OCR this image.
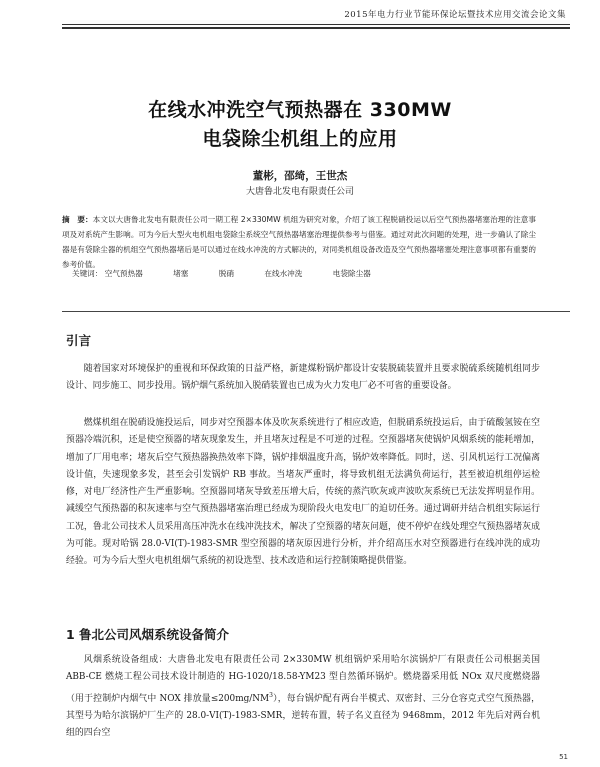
2015年电力行业节能环保论坛暨技术应用交流会论文集
在线水冲洗空气预热器在 330MW
电袋除尘机组上的应用
董彬，邵绮，王世杰
大唐鲁北发电有限责任公司
摘　要：本文以大唐鲁北发电有限责任公司一期工程 2×330MW 机组为研究对象，介绍了该工程脱硝投运以后空气预热器堵塞治理的注意事项及对系统产生影响。可为今后大型火电机组电袋除尘系统空气预热器堵塞治理提供参考与借鉴。通过对此次问题的处理，进一步确认了除尘器是有袋除尘器的机组空气预热器堵后是可以通过在线水冲洗的方式解决的，对同类机组设备改造及空气预热器堵塞处理注意事项都有重要的参考价值。
关键词： 空气预热器	堵塞	脱硝	在线水冲洗	电袋除尘器
引言
随着国家对环境保护的重视和环保政策的日益严格，新建煤粉锅炉都设计安装脱硫装置并且要求脱硫系统随机组同步设计、同步施工、同步投用。锅炉烟气系统加入脱硝装置也已成为火力发电厂必不可省的重要设备。
燃煤机组在脱硝设施投运后，同步对空预器本体及吹灰系统进行了相应改造，但脱硝系统投运后，由于硫酸氢铵在空预器冷端沉积，还是使空预器的堵灰现象发生，并且堵灰过程是不可逆的过程。空预器堵灰使锅炉风烟系统的能耗增加，增加了厂用电率；堵灰后空气预热器换热效率下降，锅炉排烟温度升高，锅炉效率降低。同时，送、引风机运行工况偏离设计值，失速现象多发，甚至会引发锅炉 RB 事故。当堵灰严重时，将导致机组无法满负荷运行，甚至被迫机组停运检修，对电厂经济性产生严重影响。空预器同堵灰导致差压增大后，传统的蒸汽吹灰或声波吹灰系统已无法发挥明显作用。减缓空气预热器的积灰速率与空气预热器堵塞治理已经成为现阶段火电发电厂的迫切任务。通过调研并结合机组实际运行工况，鲁北公司技术人员采用高压冲洗水在线冲洗技术，解决了空预器的堵灰问题，使不停炉在线处理空气预热器堵灰成为可能。现对哈锅 28.0-VI(T)-1983-SMR 型空预器的堵灰原因进行分析，并介绍高压水对空预器进行在线冲洗的成功经验。可为今后大型火电机组烟气系统的初设选型、技术改造和运行控制策略提供借鉴。
1 鲁北公司风烟系统设备简介
风烟系统设备组成：大唐鲁北发电有限责任公司 2×330MW 机组锅炉采用哈尔滨锅炉厂有限责任公司根据美国 ABB-CE 燃烧工程公司技术设计制造的 HG-1020/18.58-YM23 型自然循环锅炉。燃烧器采用低 NOx 双尺度燃烧器（用于控制炉内烟气中 NOX 排放量$\le 200mg/NM^3$），每台锅炉配有两台半模式、双密封、三分仓容克式空气预热器，其型号为哈尔滨锅炉厂生产的 28.0-VI(T)-1983-SMR，逆转布置，转子名义直径为 9468mm，2012 年先后对两台机组的四台空
51
